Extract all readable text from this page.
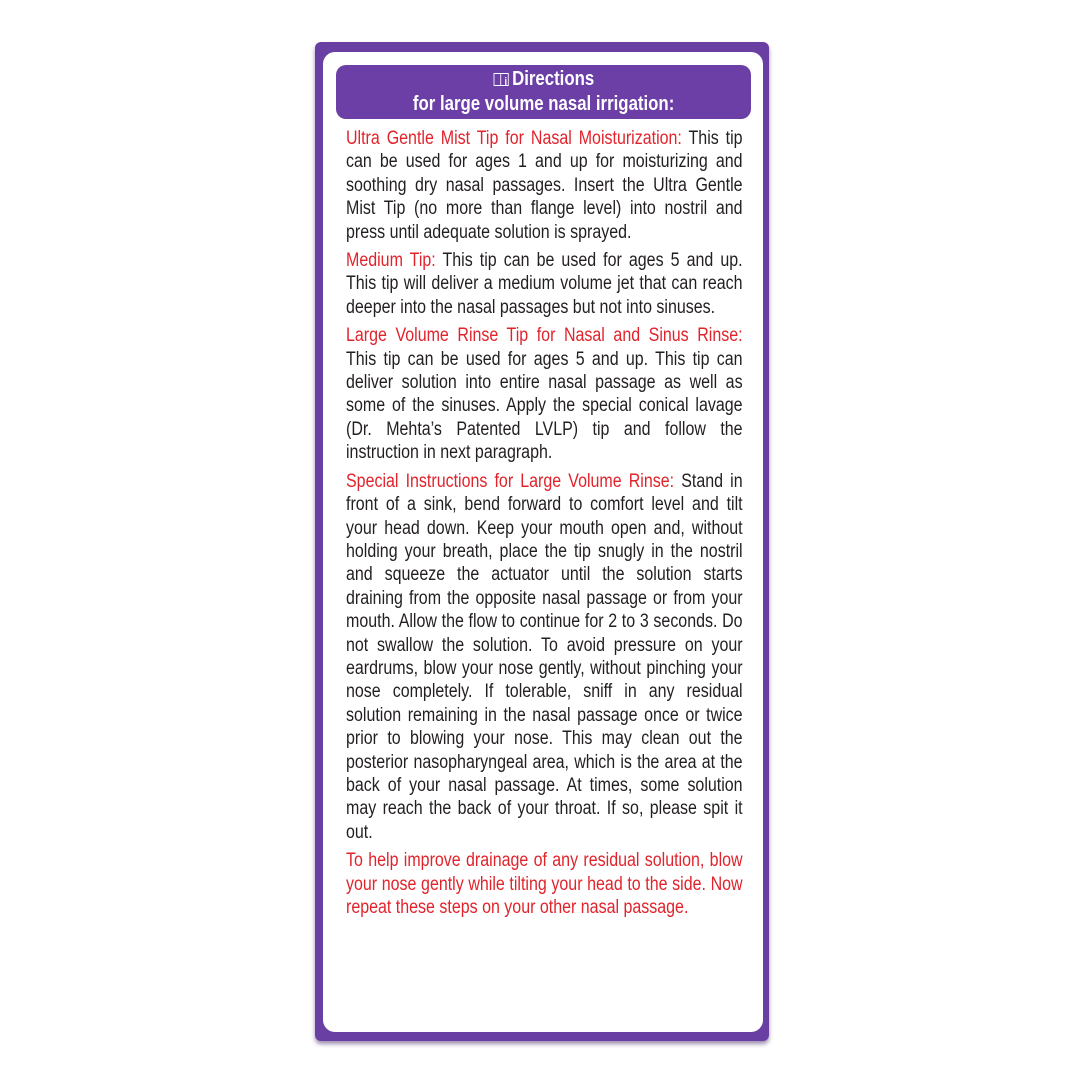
iDirections
for large volume nasal irrigation:

Ultra Gentle Mist Tip for Nasal Moisturization: This tip can be used for ages 1 and up for moisturizing and soothing dry nasal passages. Insert the Ultra Gentle Mist Tip (no more than flange level) into nostril and press until adequate solution is sprayed.

Medium Tip: This tip can be used for ages 5 and up. This tip will deliver a medium volume jet that can reach deeper into the nasal passages but not into sinuses.

Large Volume Rinse Tip for Nasal and Sinus Rinse: This tip can be used for ages 5 and up. This tip can deliver solution into entire nasal passage as well as some of the sinuses. Apply the special conical lavage (Dr. Mehta’s Patented LVLP) tip and follow the instruction in next paragraph.

Special Instructions for Large Volume Rinse: Stand in front of a sink, bend forward to comfort level and tilt your head down. Keep your mouth open and, without holding your breath, place the tip snugly in the nostril and squeeze the actuator until the solution starts draining from the opposite nasal passage or from your mouth. Allow the flow to continue for 2 to 3 seconds. Do not swallow the solution. To avoid pressure on your eardrums, blow your nose gently, without pinching your nose completely. If tolerable, sniff in any residual solution remaining in the nasal passage once or twice prior to blowing your nose. This may clean out the posterior nasopharyngeal area, which is the area at the back of your nasal passage. At times, some solution may reach the back of your throat. If so, please spit it out.

To help improve drainage of any residual solution, blow your nose gently while tilting your head to the side. Now repeat these steps on your other nasal passage.
